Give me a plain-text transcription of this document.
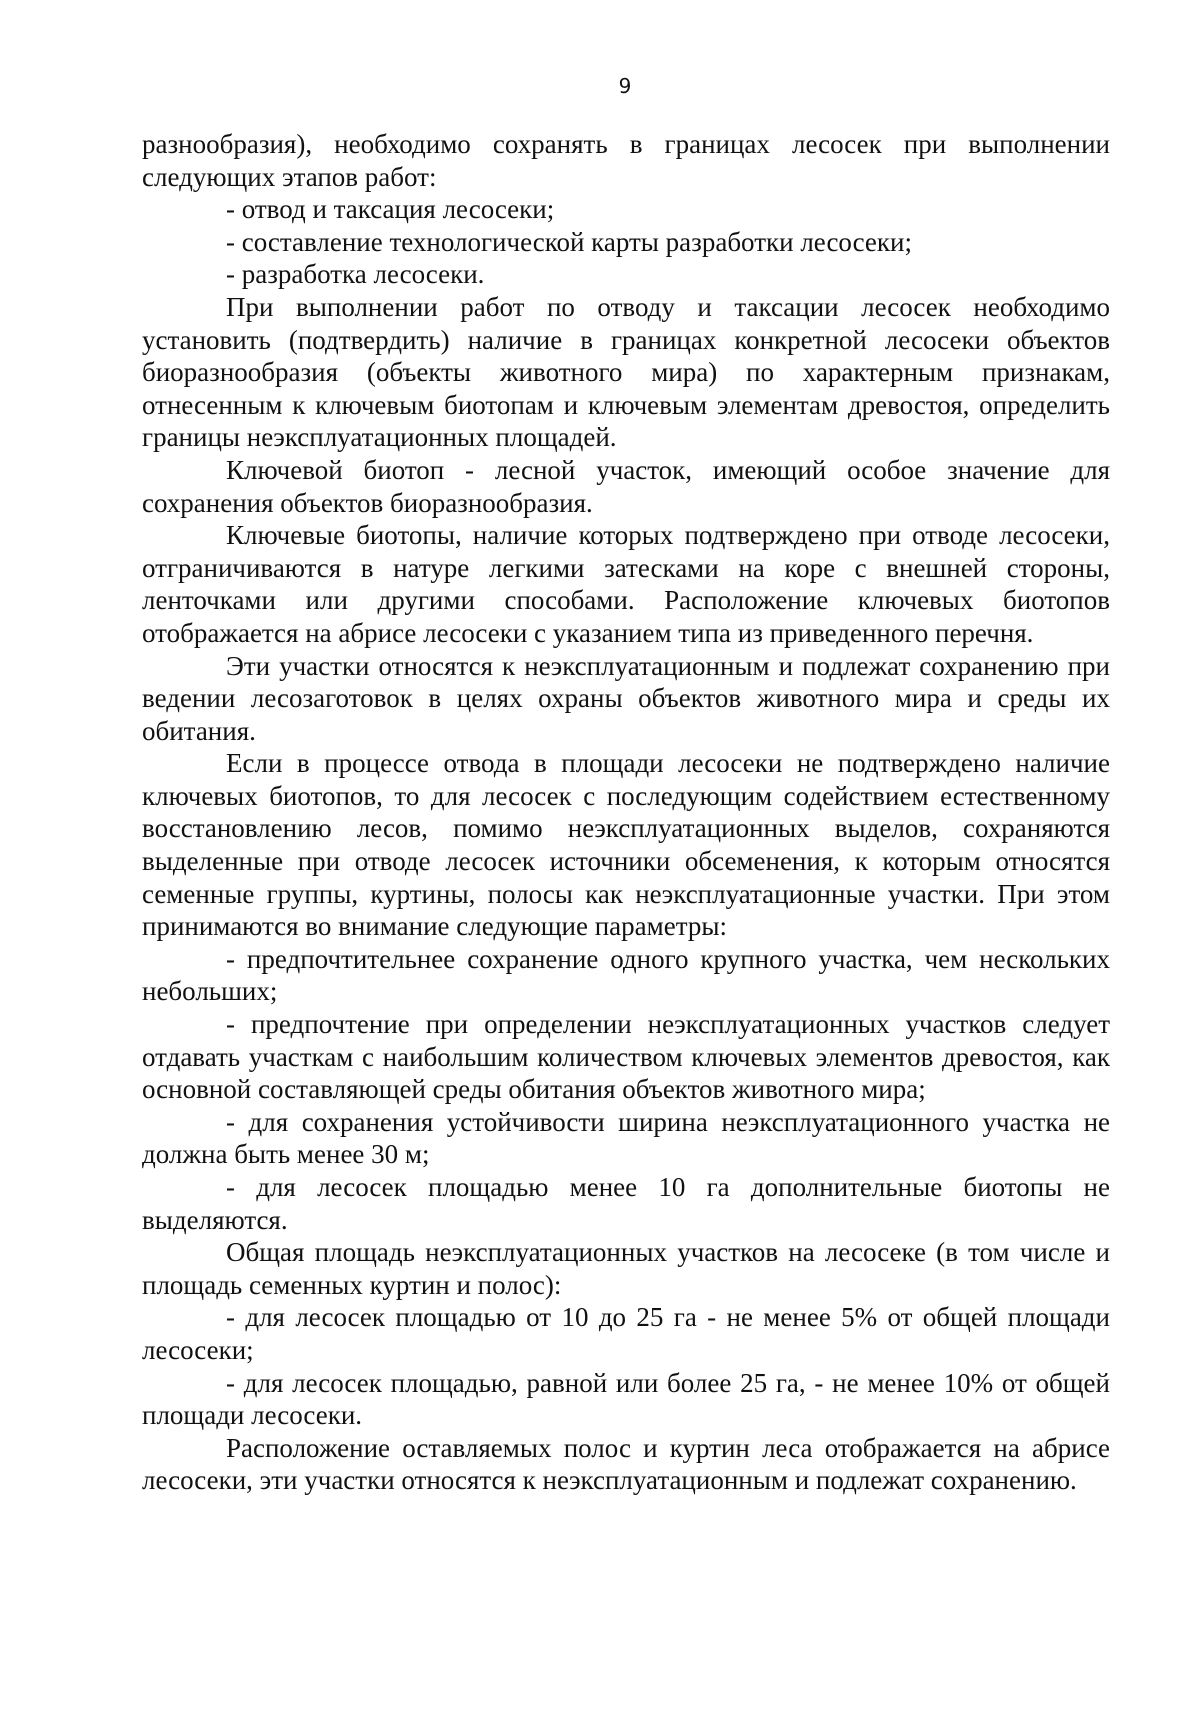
9

разнообразия), необходимо сохранять в границах лесосек при выполнении следующих этапов работ:

- отвод и таксация лесосеки;

- составление технологической карты разработки лесосеки;

- разработка лесосеки.

При выполнении работ по отводу и таксации лесосек необходимо установить (подтвердить) наличие в границах конкретной лесосеки объектов биоразнообразия (объекты животного мира) по характерным признакам, отнесенным к ключевым биотопам и ключевым элементам древостоя, определить границы неэксплуатационных площадей.

Ключевой биотоп - лесной участок, имеющий особое значение для сохранения объектов биоразнообразия.

Ключевые биотопы, наличие которых подтверждено при отводе лесосеки, отграничиваются в натуре легкими затесками на коре с внешней стороны, ленточками или другими способами. Расположение ключевых биотопов отображается на абрисе лесосеки с указанием типа из приведенного перечня.

Эти участки относятся к неэксплуатационным и подлежат сохранению при ведении лесозаготовок в целях охраны объектов животного мира и среды их обитания.

Если в процессе отвода в площади лесосеки не подтверждено наличие ключевых биотопов, то для лесосек с последующим содействием естественному восстановлению лесов, помимо неэксплуатационных выделов, сохраняются выделенные при отводе лесосек источники обсеменения, к которым относятся семенные группы, куртины, полосы как неэксплуатационные участки. При этом принимаются во внимание следующие параметры:

- предпочтительнее сохранение одного крупного участка, чем нескольких небольших;

- предпочтение при определении неэксплуатационных участков следует отдавать участкам с наибольшим количеством ключевых элементов древостоя, как основной составляющей среды обитания объектов животного мира;

- для сохранения устойчивости ширина неэксплуатационного участка не должна быть менее 30 м;

- для лесосек площадью менее 10 га дополнительные биотопы не выделяются.

Общая площадь неэксплуатационных участков на лесосеке (в том числе и площадь семенных куртин и полос):

- для лесосек площадью от 10 до 25 га - не менее 5% от общей площади лесосеки;

- для лесосек площадью, равной или более 25 га, - не менее 10% от общей площади лесосеки.

Расположение оставляемых полос и куртин леса отображается на абрисе лесосеки, эти участки относятся к неэксплуатационным и подлежат сохранению.
